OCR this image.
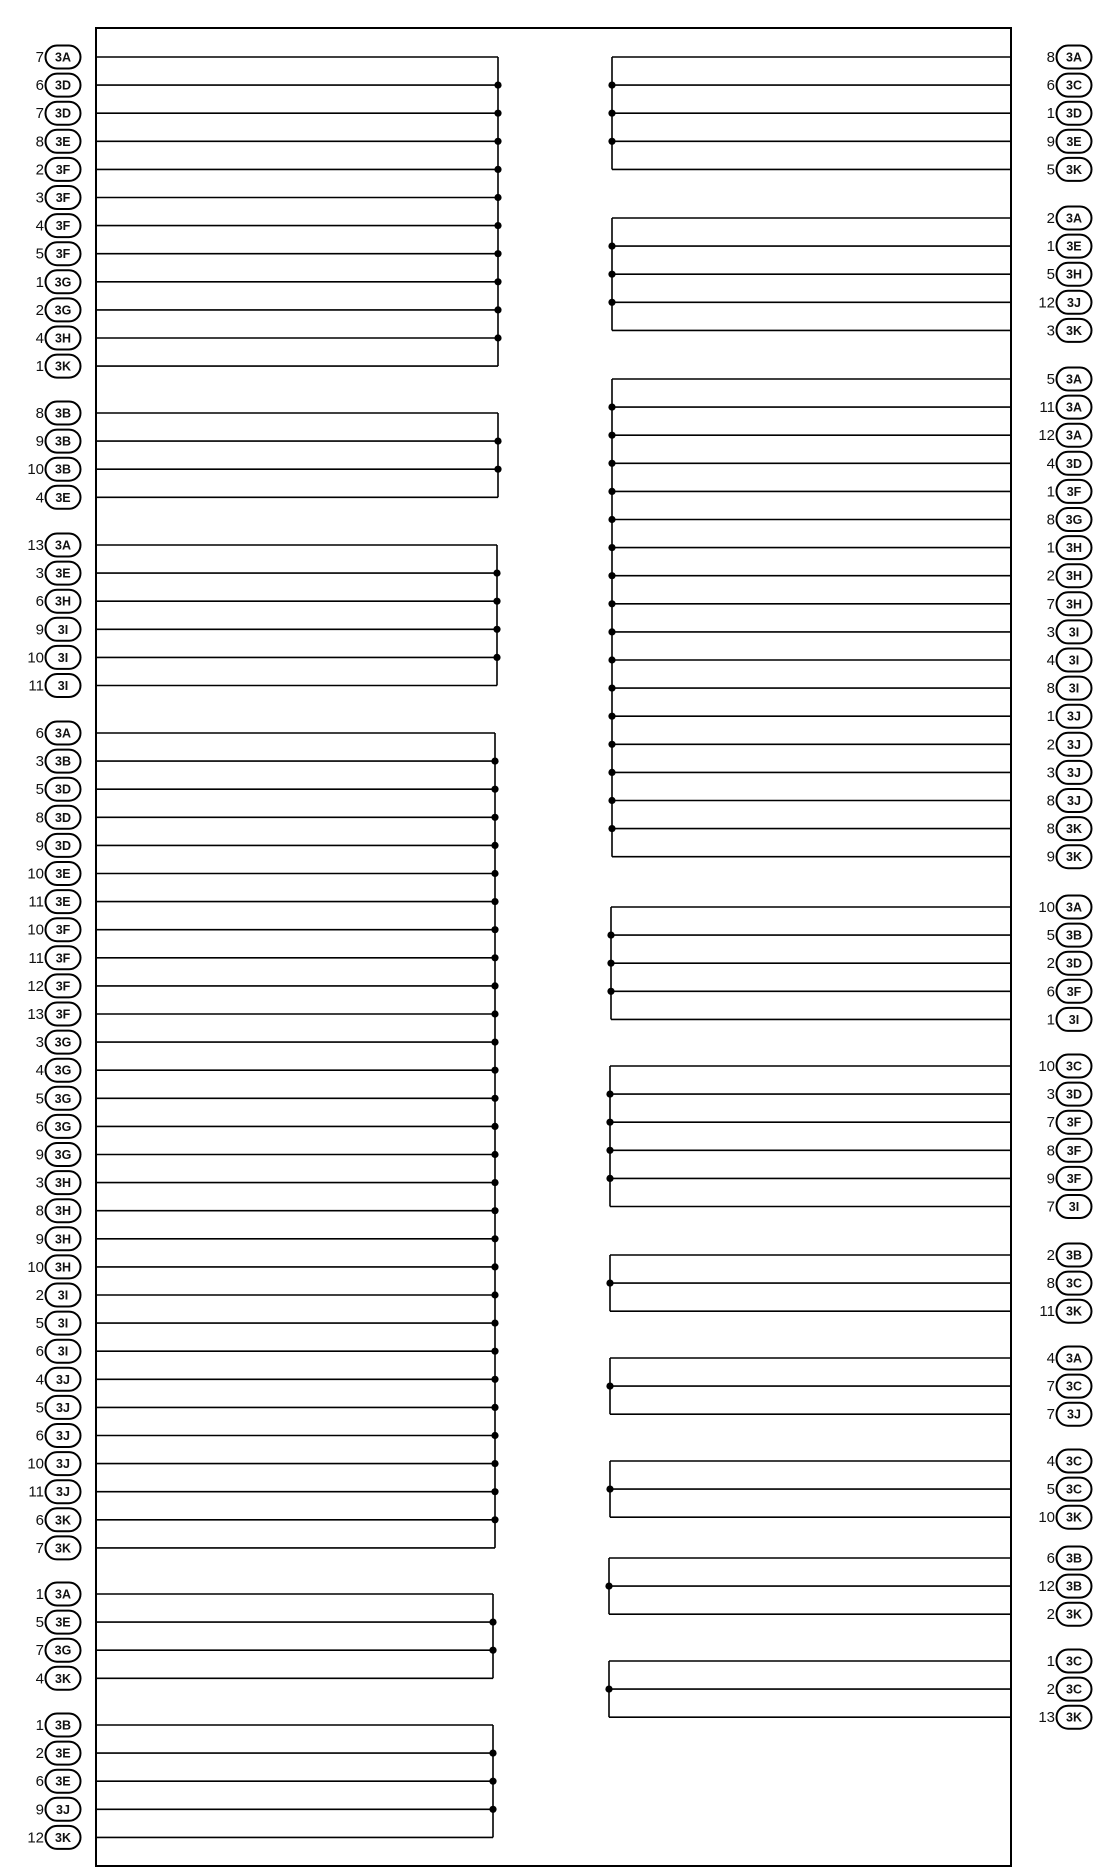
7 3A
6 3D
7 3D
8 3E
2 3F
3 3F
4 3F
5 3F
1 3G
2 3G
4 3H
1 3K
8 3B
9 3B
10 3B
4 3E
13 3A
3 3E
6 3H
9 3I
10 3I
11 3I
6 3A
3 3B
5 3D
8 3D
9 3D
10 3E
11 3E
10 3F
11 3F
12 3F
13 3F
3 3G
4 3G
5 3G
6 3G
9 3G
3 3H
8 3H
9 3H
10 3H
2 3I
5 3I
6 3I
4 3J
5 3J
6 3J
10 3J
11 3J
6 3K
7 3K
1 3A
5 3E
7 3G
4 3K
1 3B
2 3E
6 3E
9 3J
12 3K
8 3A
6 3C
1 3D
9 3E
5 3K
2 3A
1 3E
5 3H
12 3J
3 3K
5 3A
11 3A
12 3A
4 3D
1 3F
8 3G
1 3H
2 3H
7 3H
3 3I
4 3I
8 3I
1 3J
2 3J
3 3J
8 3J
8 3K
9 3K
10 3A
5 3B
2 3D
6 3F
1 3I
10 3C
3 3D
7 3F
8 3F
9 3F
7 3I
2 3B
8 3C
11 3K
4 3A
7 3C
7 3J
4 3C
5 3C
10 3K
6 3B
12 3B
2 3K
1 3C
2 3C
13 3K
